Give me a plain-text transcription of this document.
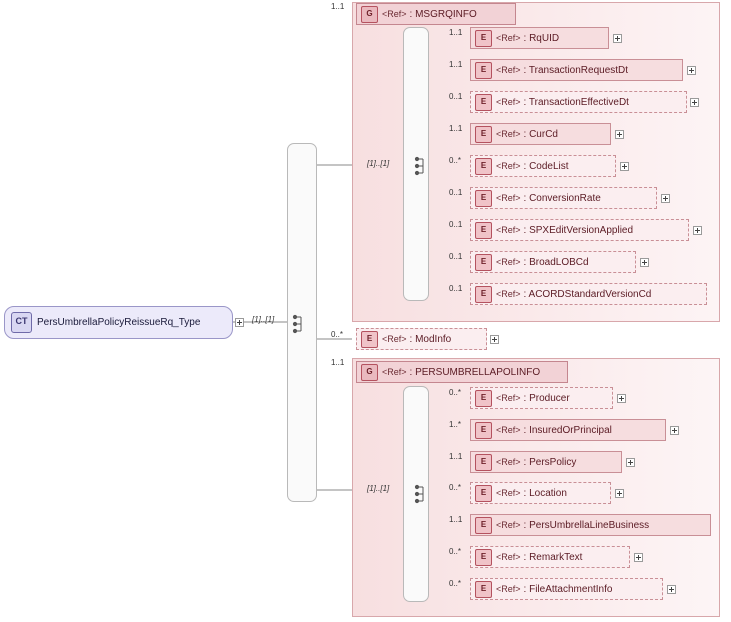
1..1
G	<Ref> : MSGRQINFO
[1]..[1]
1..1	E	<Ref> : RqUID
1..1	E	<Ref> : TransactionRequestDt
0..1	E	<Ref> : TransactionEffectiveDt
1..1	E	<Ref> : CurCd
0..*	E	<Ref> : CodeList
0..1	E	<Ref> : ConversionRate
0..1	E	<Ref> : SPXEditVersionApplied
0..1	E	<Ref> : BroadLOBCd
0..1	E	<Ref> : ACORDStandardVersionCd
0..*	E	<Ref> : ModInfo
1..1
G	<Ref> : PERSUMBRELLAPOLINFO
[1]..[1]
0..*	E	<Ref> : Producer
1..*	E	<Ref> : InsuredOrPrincipal
1..1	E	<Ref> : PersPolicy
0..*	E	<Ref> : Location
1..1	E	<Ref> : PersUmbrellaLineBusiness
0..*	E	<Ref> : RemarkText
0..*	E	<Ref> : FileAttachmentInfo
CT PersUmbrellaPolicyReissueRq_Type	[1]..[1]
